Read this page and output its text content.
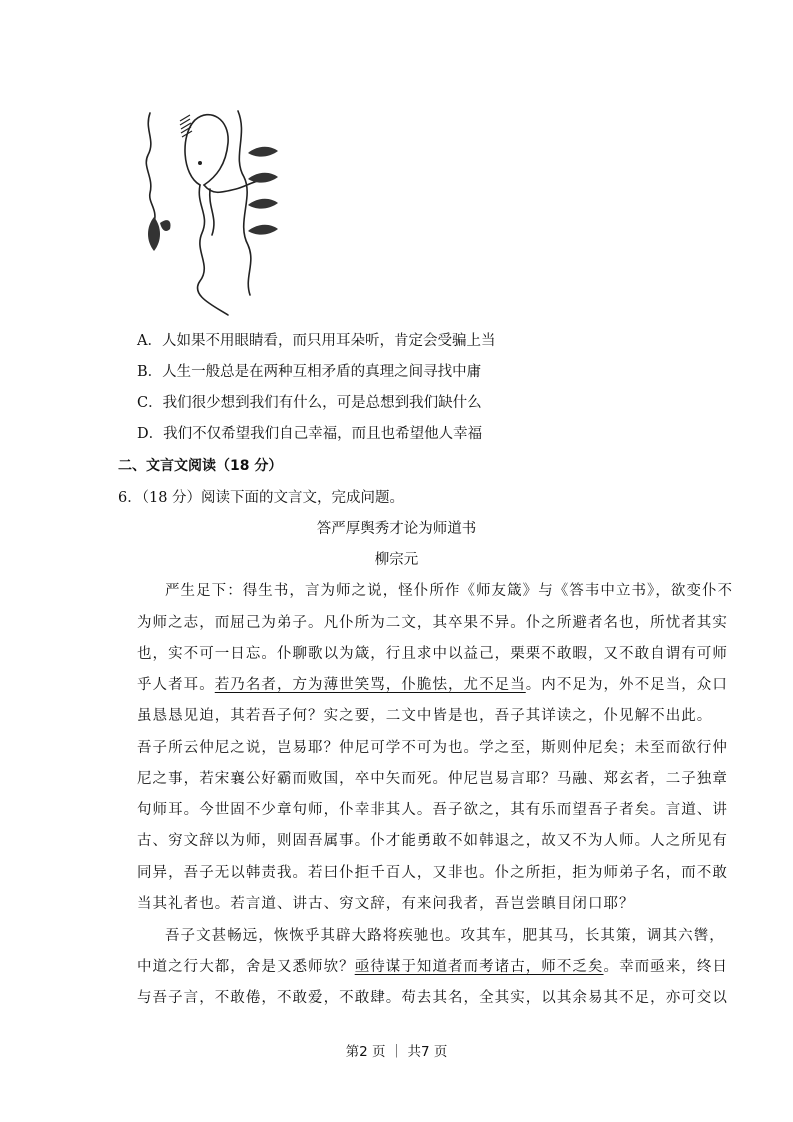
A．人如果不用眼睛看，而只用耳朵听，肯定会受骗上当
B．人生一般总是在两种互相矛盾的真理之间寻找中庸
C．我们很少想到我们有什么，可是总想到我们缺什么
D．我们不仅希望我们自己幸福，而且也希望他人幸福
二、文言文阅读（18 分）
6．（18 分）阅读下面的文言文，完成问题。
答严厚舆秀才论为师道书
柳宗元
严生足下：得生书，言为师之说，怪仆所作《师友箴》与《答韦中立书》，欲变仆不
为师之志，而屈己为弟子。凡仆所为二文，其卒果不异。仆之所避者名也，所忧者其实
也，实不可一日忘。仆聊歌以为箴，行且求中以益己，栗栗不敢暇，又不敢自谓有可师
乎人者耳。若乃名者，方为薄世笑骂，仆脆怯，尤不足当。内不足为，外不足当，众口
虽恳恳见迫，其若吾子何？实之要，二文中皆是也，吾子其详读之，仆见解不出此。
吾子所云仲尼之说，岂易耶？仲尼可学不可为也。学之至，斯则仲尼矣；未至而欲行仲
尼之事，若宋襄公好霸而败国，卒中矢而死。仲尼岂易言耶？马融、郑玄者，二子独章
句师耳。今世固不少章句师，仆幸非其人。吾子欲之，其有乐而望吾子者矣。言道、讲
古、穷文辞以为师，则固吾属事。仆才能勇敢不如韩退之，故又不为人师。人之所见有
同异，吾子无以韩责我。若曰仆拒千百人，又非也。仆之所拒，拒为师弟子名，而不敢
当其礼者也。若言道、讲古、穷文辞，有来问我者，吾岂尝瞋目闭口耶？
吾子文甚畅远，恢恢乎其辟大路将疾驰也。攻其车，肥其马，长其策，调其六辔，
中道之行大都，舍是又悉师欤？亟待谋于知道者而考诸古，师不乏矣。幸而亟来，终日
与吾子言，不敢倦，不敢爱，不敢肆。苟去其名，全其实，以其余易其不足，亦可交以
第2 页 ｜ 共7 页
